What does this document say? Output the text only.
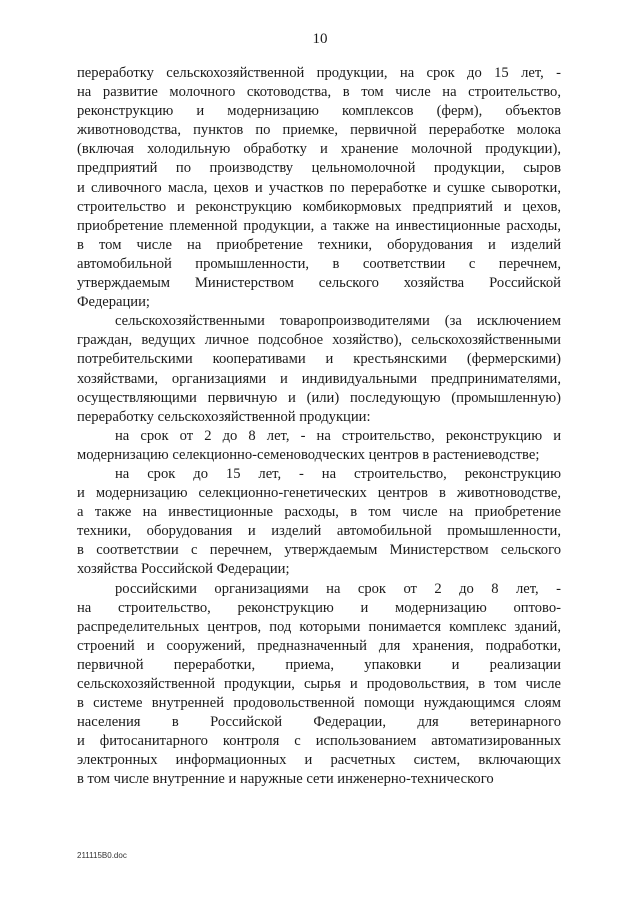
10
переработку сельскохозяйственной продукции, на срок до 15 лет, -
на развитие молочного скотоводства, в том числе на строительство,
реконструкцию и модернизацию комплексов (ферм), объектов
животноводства, пунктов по приемке, первичной переработке молока
(включая холодильную обработку и хранение молочной продукции),
предприятий по производству цельномолочной продукции, сыров
и сливочного масла, цехов и участков по переработке и сушке сыворотки,
строительство и реконструкцию комбикормовых предприятий и цехов,
приобретение племенной продукции, а также на инвестиционные расходы,
в том числе на приобретение техники, оборудования и изделий
автомобильной промышленности, в соответствии с перечнем,
утверждаемым Министерством сельского хозяйства Российской
Федерации;
сельскохозяйственными товаропроизводителями (за исключением
граждан, ведущих личное подсобное хозяйство), сельскохозяйственными
потребительскими кооперативами и крестьянскими (фермерскими)
хозяйствами, организациями и индивидуальными предпринимателями,
осуществляющими первичную и (или) последующую (промышленную)
переработку сельскохозяйственной продукции:
на срок от 2 до 8 лет, - на строительство, реконструкцию и
модернизацию селекционно-семеноводческих центров в растениеводстве;
на срок до 15 лет, - на строительство, реконструкцию
и модернизацию селекционно-генетических центров в животноводстве,
а также на инвестиционные расходы, в том числе на приобретение
техники, оборудования и изделий автомобильной промышленности,
в соответствии с перечнем, утверждаемым Министерством сельского
хозяйства Российской Федерации;
российскими организациями на срок от 2 до 8 лет, -
на строительство, реконструкцию и модернизацию оптово-
распределительных центров, под которыми понимается комплекс зданий,
строений и сооружений, предназначенный для хранения, подработки,
первичной переработки, приема, упаковки и реализации
сельскохозяйственной продукции, сырья и продовольствия, в том числе
в системе внутренней продовольственной помощи нуждающимся слоям
населения в Российской Федерации, для ветеринарного
и фитосанитарного контроля с использованием автоматизированных
электронных информационных и расчетных систем, включающих
в том числе внутренние и наружные сети инженерно-технического
211115B0.doc
